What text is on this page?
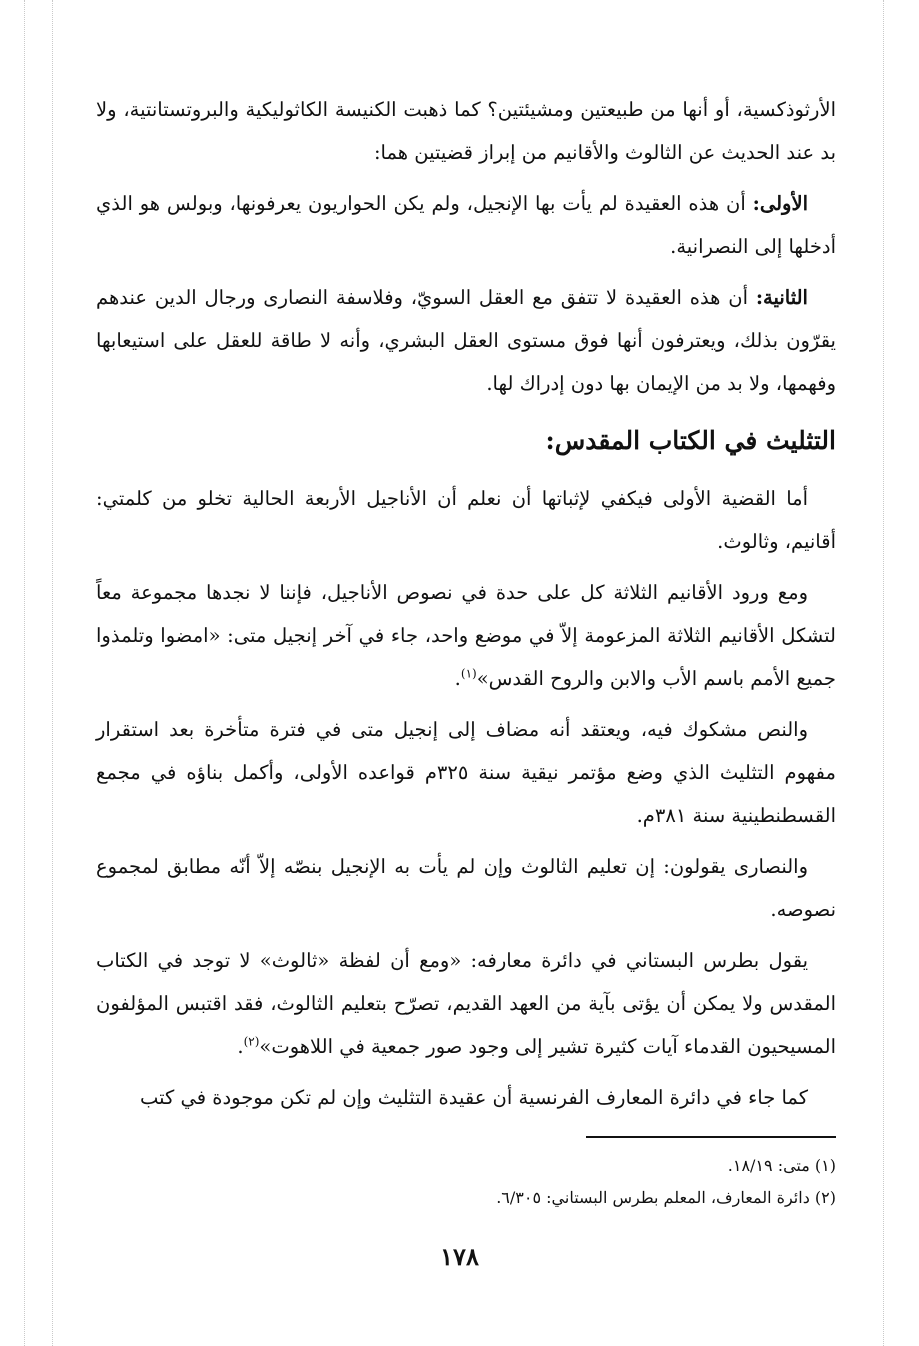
الأرثوذكسية، أو أنها من طبيعتين ومشيئتين؟ كما ذهبت الكنيسة الكاثوليكية والبروتستانتية، ولا بد عند الحديث عن الثالوث والأقانيم من إبراز قضيتين هما:

الأولى: أن هذه العقيدة لم يأت بها الإنجيل، ولم يكن الحواريون يعرفونها، وبولس هو الذي أدخلها إلى النصرانية.

الثانية: أن هذه العقيدة لا تتفق مع العقل السويّ، وفلاسفة النصارى ورجال الدين عندهم يقرّون بذلك، ويعترفون أنها فوق مستوى العقل البشري، وأنه لا طاقة للعقل على استيعابها وفهمها، ولا بد من الإيمان بها دون إدراك لها.

التثليث في الكتاب المقدس:

أما القضية الأولى فيكفي لإثباتها أن نعلم أن الأناجيل الأربعة الحالية تخلو من كلمتي: أقانيم، وثالوث.

ومع ورود الأقانيم الثلاثة كل على حدة في نصوص الأناجيل، فإننا لا نجدها مجموعة معاً لتشكل الأقانيم الثلاثة المزعومة إلاّ في موضع واحد، جاء في آخر إنجيل متى: «امضوا وتلمذوا جميع الأمم باسم الأب والابن والروح القدس»$^{(١)}$.

والنص مشكوك فيه، ويعتقد أنه مضاف إلى إنجيل متى في فترة متأخرة بعد استقرار مفهوم التثليث الذي وضع مؤتمر نيقية سنة ٣٢٥م قواعده الأولى، وأكمل بناؤه في مجمع القسطنطينية سنة ٣٨١م.

والنصارى يقولون: إن تعليم الثالوث وإن لم يأت به الإنجيل بنصّه إلاّ أنّه مطابق لمجموع نصوصه.

يقول بطرس البستاني في دائرة معارفه: «ومع أن لفظة «ثالوث» لا توجد في الكتاب المقدس ولا يمكن أن يؤتى بآية من العهد القديم، تصرّح بتعليم الثالوث، فقد اقتبس المؤلفون المسيحيون القدماء آيات كثيرة تشير إلى وجود صور جمعية في اللاهوت»$^{(٢)}$.

كما جاء في دائرة المعارف الفرنسية أن عقيدة التثليث وإن لم تكن موجودة في كتب

(١) متى: ١٨/١٩.

(٢) دائرة المعارف، المعلم بطرس البستاني: ٦/٣٠٥.

١٧٨
